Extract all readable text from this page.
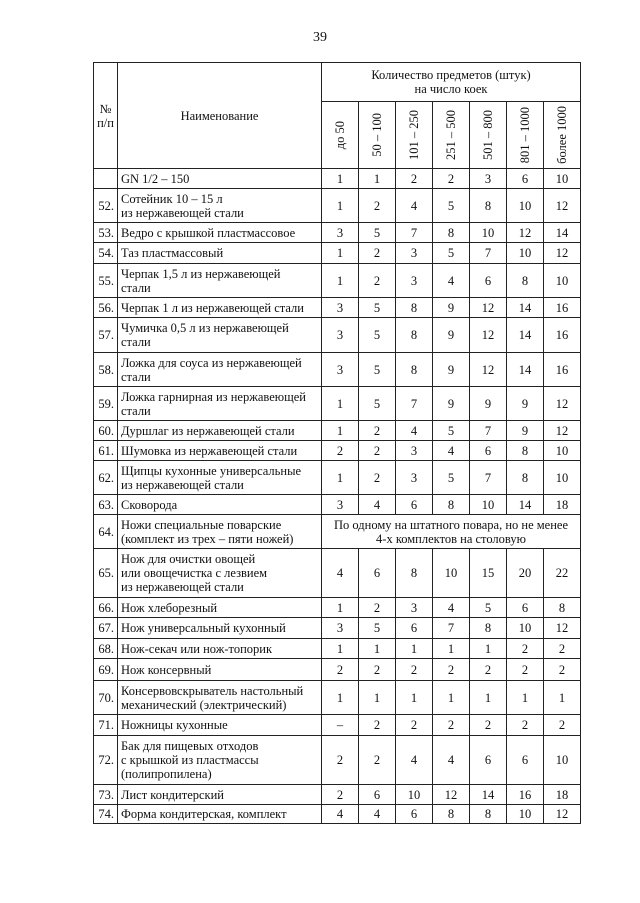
39
№
п/п	Наименование	Количество предметов (штук)
на число коек						

		до 50	50 – 100	101 – 250	251 – 500	501 – 800	801 – 1000	более 1000

	GN 1/2 – 150	1	1	2	2	3	6	10
52.	Сотейник 10 – 15 л
из нержавеющей стали	1	2	4	5	8	10	12
53.	Ведро с крышкой пластмассовое	3	5	7	8	10	12	14
54.	Таз пластмассовый	1	2	3	5	7	10	12
55.	Черпак 1,5 л из нержавеющей
стали	1	2	3	4	6	8	10
56.	Черпак 1 л из нержавеющей стали	3	5	8	9	12	14	16
57.	Чумичка 0,5 л из нержавеющей
стали	3	5	8	9	12	14	16
58.	Ложка для соуса из нержавеющей
стали	3	5	8	9	12	14	16
59.	Ложка гарнирная из нержавеющей
стали	1	5	7	9	9	9	12
60.	Дуршлаг из нержавеющей стали	1	2	4	5	7	9	12
61.	Шумовка из нержавеющей стали	2	2	3	4	6	8	10
62.	Щипцы кухонные универсальные
из нержавеющей стали	1	2	3	5	7	8	10
63.	Сковорода	3	4	6	8	10	14	18
64.	Ножи специальные поварские
(комплект из трех – пяти ножей)	По одному на штатного повара, но не менее
4-х комплектов на столовую						
65.	Нож для очистки овощей
или овощечистка с лезвием
из нержавеющей стали	4	6	8	10	15	20	22
66.	Нож хлеборезный	1	2	3	4	5	6	8
67.	Нож универсальный кухонный	3	5	6	7	8	10	12
68.	Нож-секач или нож-топорик	1	1	1	1	1	2	2
69.	Нож консервный	2	2	2	2	2	2	2
70.	Консервовскрыватель настольный
механический (электрический)	1	1	1	1	1	1	1
71.	Ножницы кухонные	–	2	2	2	2	2	2
72.	Бак для пищевых отходов
с крышкой из пластмассы
(полипропилена)	2	2	4	4	6	6	10
73.	Лист кондитерский	2	6	10	12	14	16	18
74.	Форма кондитерская, комплект	4	4	6	8	8	10	12
